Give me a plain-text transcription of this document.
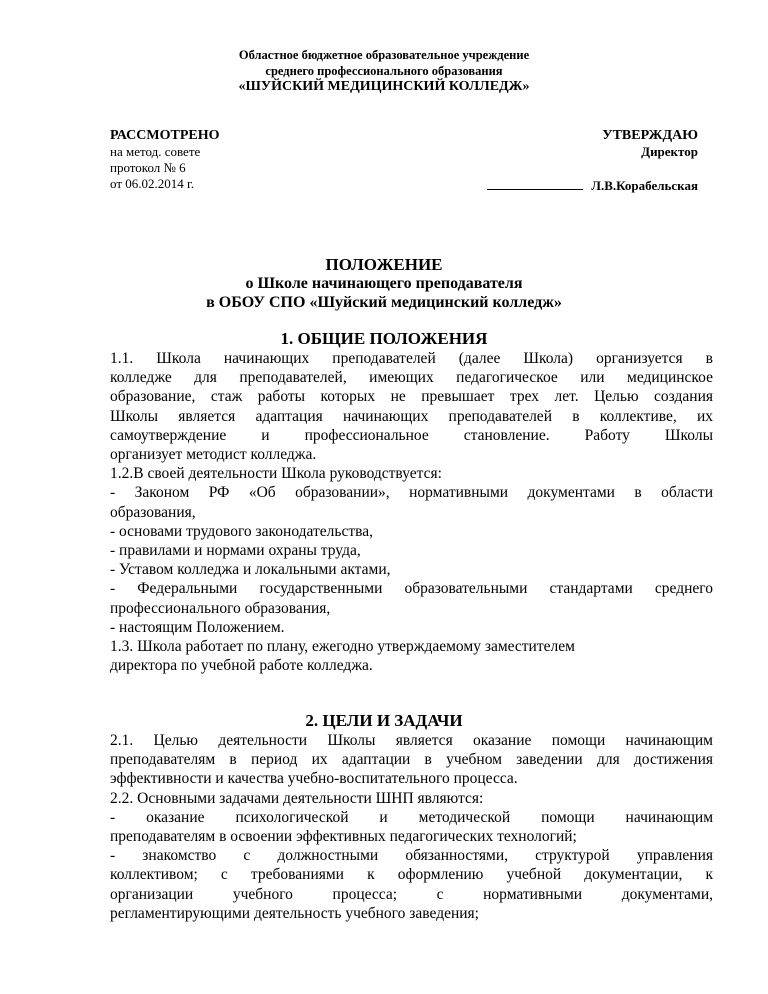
Областное бюджетное образовательное учреждение
среднего профессионального образования
«ШУЙСКИЙ МЕДИЦИНСКИЙ КОЛЛЕДЖ»
РАССМОТРЕНО
на метод. совете
протокол № 6
от 06.02.2014 г.
УТВЕРЖДАЮ
Директор
Л.В.Корабельская
ПОЛОЖЕНИЕ
о Школе начинающего преподавателя
в ОБОУ СПО «Шуйский медицинский колледж»
1. ОБЩИЕ ПОЛОЖЕНИЯ

1.1. Школа начинающих преподавателей (далее Школа) организуется в

колледже для преподавателей, имеющих педагогическое или медицинское

образование, стаж работы которых не превышает трех лет. Целью создания

Школы является адаптация начинающих преподавателей в коллективе, их

самоутверждение и профессиональное становление. Работу Школы

организует методист колледжа.

1.2.В своей деятельности Школа руководствуется:

- Законом РФ «Об образовании», нормативными документами в области

образования,

- основами трудового законодательства,

- правилами и нормами охраны труда,

- Уставом колледжа и локальными актами,

- Федеральными государственными образовательными стандартами среднего

профессионального образования,

- настоящим Положением.

1.3. Школа работает по плану, ежегодно утверждаемому заместителем

директора по учебной работе колледжа.

2. ЦЕЛИ И ЗАДАЧИ

2.1. Целью деятельности Школы является оказание помощи начинающим

преподавателям в период их адаптации в учебном заведении для достижения

эффективности и качества учебно-воспитательного процесса.

2.2. Основными задачами деятельности ШНП являются:

- оказание психологической и методической помощи начинающим

преподавателям в освоении эффективных педагогических технологий;

- знакомство с должностными обязанностями, структурой управления

коллективом; с требованиями к оформлению учебной документации, к

организации учебного процесса; с нормативными документами,

регламентирующими деятельность учебного заведения;
